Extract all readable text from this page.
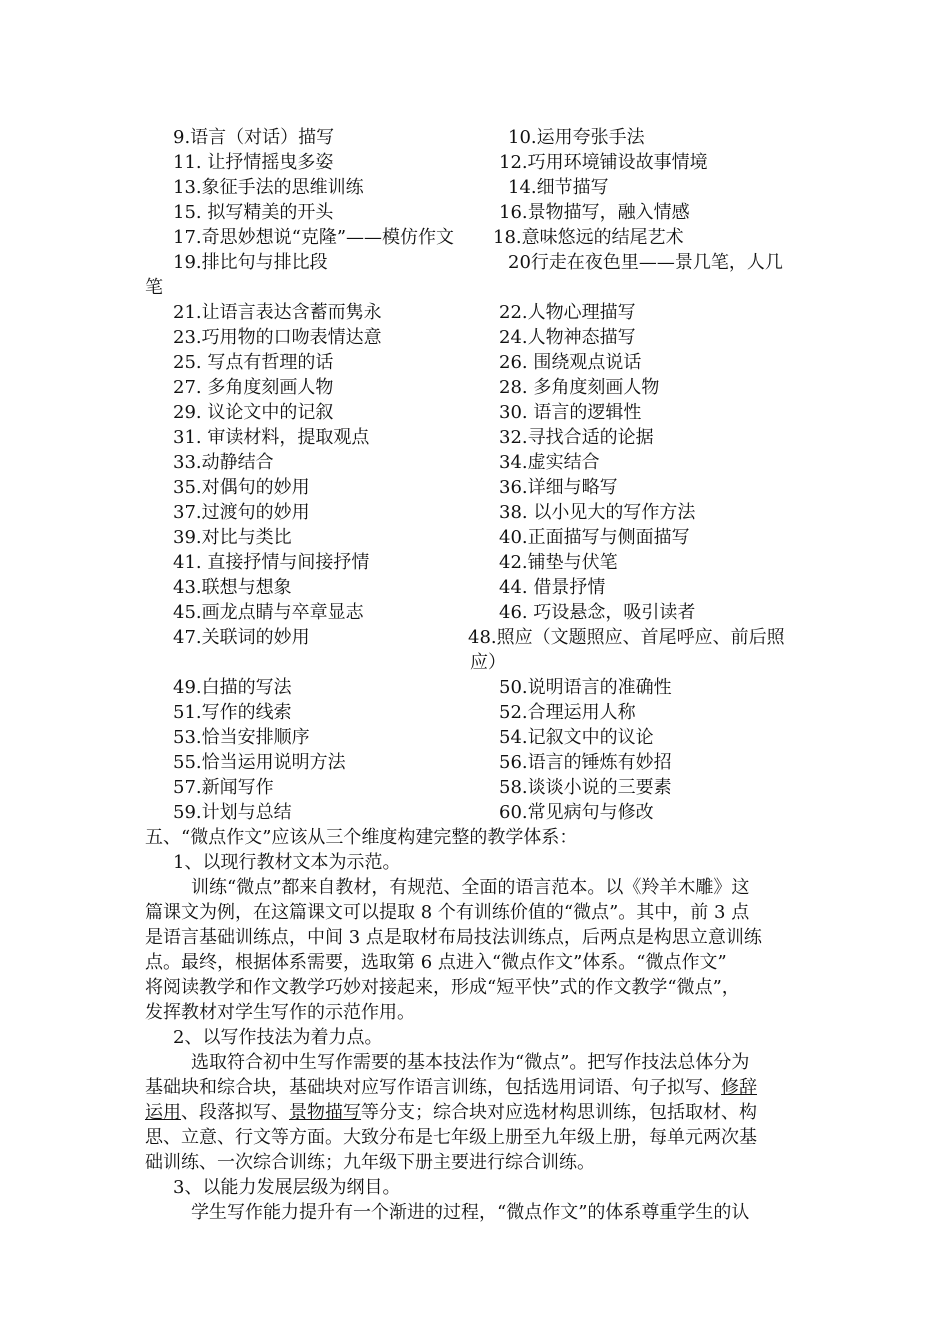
9.语言（对话）描写	10.运用夸张手法
11. 让抒情摇曳多姿	12.巧用环境铺设故事情境
13.象征手法的思维训练	14.细节描写
15. 拟写精美的开头	16.景物描写，融入情感
17.奇思妙想说“克隆”——模仿作文 18.意味悠远的结尾艺术
19.排比句与排比段	20行走在夜色里——景几笔，人几
笔
21.让语言表达含蓄而隽永	22.人物心理描写
23.巧用物的口吻表情达意	24.人物神态描写
25. 写点有哲理的话	26. 围绕观点说话
27. 多角度刻画人物	28. 多角度刻画人物
29. 议论文中的记叙	30. 语言的逻辑性
31. 审读材料，提取观点	32.寻找合适的论据
33.动静结合	34.虚实结合
35.对偶句的妙用	36.详细与略写
37.过渡句的妙用	38. 以小见大的写作方法
39.对比与类比	40.正面描写与侧面描写
41. 直接抒情与间接抒情	42.铺垫与伏笔
43.联想与想象	44. 借景抒情
45.画龙点睛与卒章显志	46. 巧设悬念，吸引读者
47.关联词的妙用	48.照应（文题照应、首尾呼应、前后照
应）
49.白描的写法	50.说明语言的准确性
51.写作的线索	52.合理运用人称
53.恰当安排顺序	54.记叙文中的议论
55.恰当运用说明方法	56.语言的锤炼有妙招
57.新闻写作	58.谈谈小说的三要素
59.计划与总结	60.常见病句与修改
五、“微点作文”应该从三个维度构建完整的教学体系：
1、以现行教材文本为示范。
训练“微点”都来自教材，有规范、全面的语言范本。以《羚羊木雕》这
篇课文为例，在这篇课文可以提取 8 个有训练价值的“微点”。其中，前 3 点
是语言基础训练点，中间 3 点是取材布局技法训练点，后两点是构思立意训练
点。最终，根据体系需要，选取第 6 点进入“微点作文”体系。“微点作文”
将阅读教学和作文教学巧妙对接起来，形成“短平快”式的作文教学“微点”，
发挥教材对学生写作的示范作用。
2、以写作技法为着力点。
选取符合初中生写作需要的基本技法作为“微点”。把写作技法总体分为
基础块和综合块，基础块对应写作语言训练，包括选用词语、句子拟写、修辞
运用、段落拟写、景物描写等分支；综合块对应选材构思训练，包括取材、构
思、立意、行文等方面。大致分布是七年级上册至九年级上册，每单元两次基
础训练、一次综合训练；九年级下册主要进行综合训练。
3、以能力发展层级为纲目。
学生写作能力提升有一个渐进的过程，“微点作文”的体系尊重学生的认
